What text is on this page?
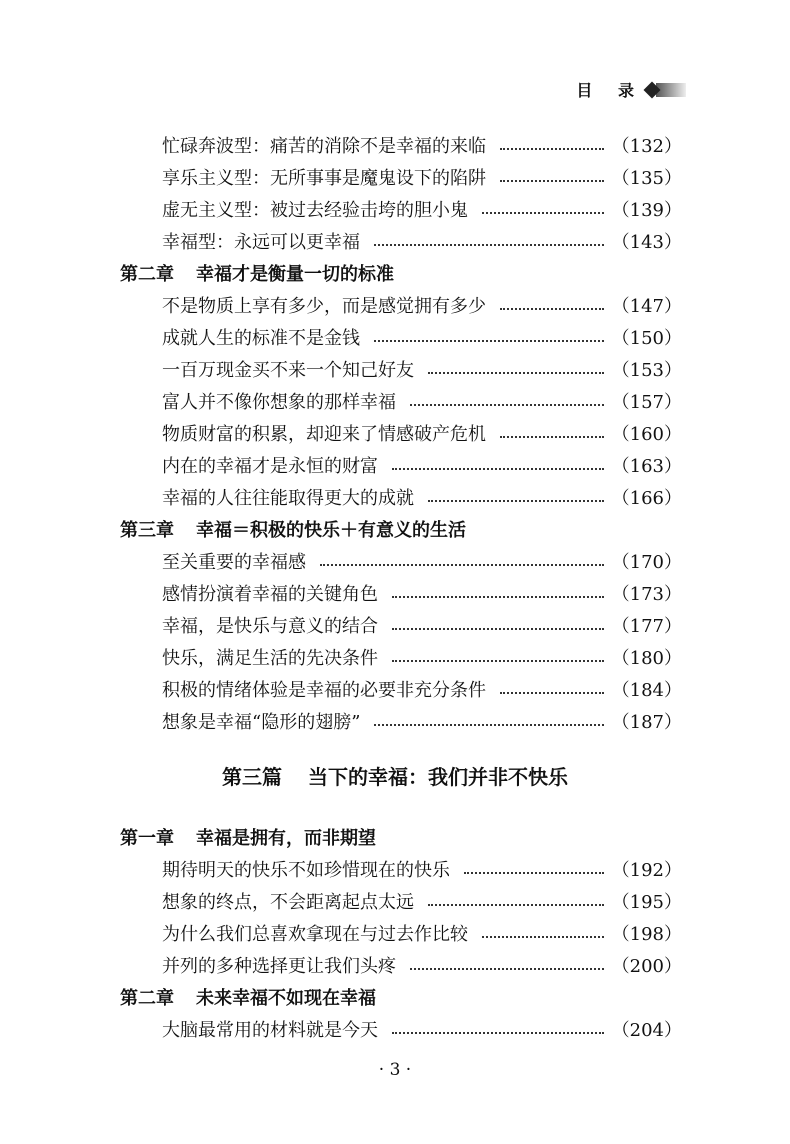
目 录
忙碌奔波型：痛苦的消除不是幸福的来临	（132）
享乐主义型：无所事事是魔鬼设下的陷阱	（135）
虚无主义型：被过去经验击垮的胆小鬼	（139）
幸福型：永远可以更幸福	（143）
第二章 幸福才是衡量一切的标准
不是物质上享有多少，而是感觉拥有多少	（147）
成就人生的标准不是金钱	（150）
一百万现金买不来一个知己好友	（153）
富人并不像你想象的那样幸福	（157）
物质财富的积累，却迎来了情感破产危机	（160）
内在的幸福才是永恒的财富	（163）
幸福的人往往能取得更大的成就	（166）
第三章 幸福＝积极的快乐＋有意义的生活
至关重要的幸福感	（170）
感情扮演着幸福的关键角色	（173）
幸福，是快乐与意义的结合	（177）
快乐，满足生活的先决条件	（180）
积极的情绪体验是幸福的必要非充分条件	（184）
想象是幸福“隐形的翅膀”	（187）
第三篇 当下的幸福：我们并非不快乐
第一章 幸福是拥有，而非期望
期待明天的快乐不如珍惜现在的快乐	（192）
想象的终点，不会距离起点太远	（195）
为什么我们总喜欢拿现在与过去作比较	（198）
并列的多种选择更让我们头疼	（200）
第二章 未来幸福不如现在幸福
大脑最常用的材料就是今天	（204）
· 3 ·
